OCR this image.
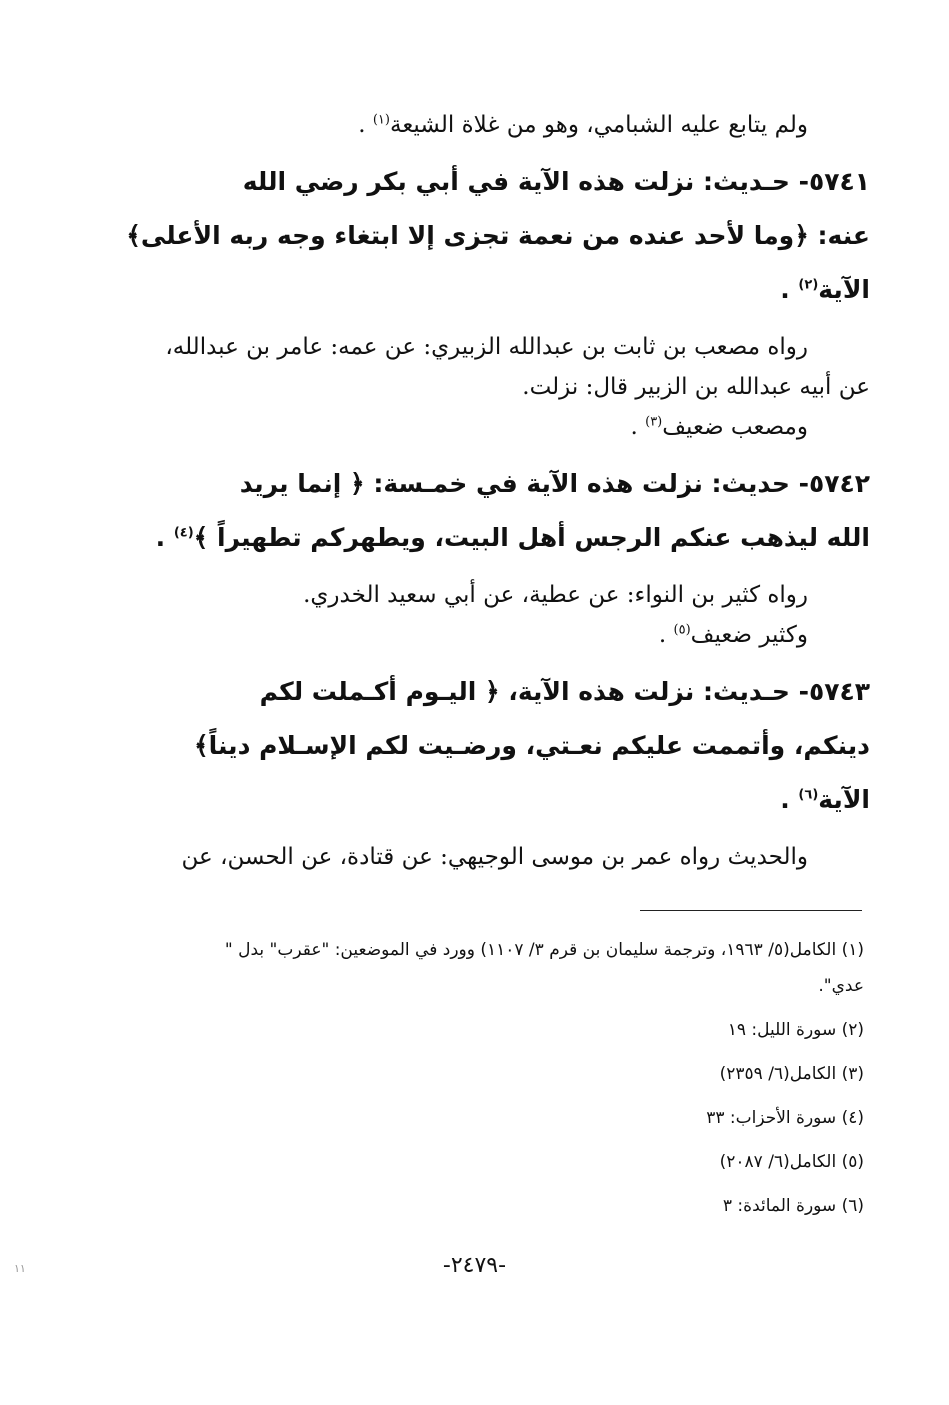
ولم يتابع عليه الشبامي، وهو من غلاة الشيعة$^{(١)}$ .

٥٧٤١- حـديث: نزلت هذه الآية في أبي بكر رضي الله

عنه: ﴿وما لأحد عنده من نعمة تجزى إلا ابتغاء وجه ربه الأعلى﴾

الآية$^{(٢)}$ .

رواه مصعب بن ثابت بن عبدالله الزبيري: عن عمه: عامر بن عبدالله،

عن أبيه عبدالله بن الزبير قال: نزلت.

ومصعب ضعيف$^{(٣)}$ .

٥٧٤٢- حديث: نزلت هذه الآية في خمـسة: ﴿ إنما يريد

الله ليذهب عنكم الرجس أهل البيت، ويطهركم تطهيراً ﴾$^{(٤)}$ .

رواه كثير بن النواء: عن عطية، عن أبي سعيد الخدري.

وكثير ضعيف$^{(٥)}$ .

٥٧٤٣- حـديث: نزلت هذه الآية، ﴿ اليـوم أكـملت لكم

دينكم، وأتممت عليكم نعـتي، ورضـيت لكم الإسـلام ديناً﴾

الآية$^{(٦)}$ .

والحديث رواه عمر بن موسى الوجيهي: عن قتادة، عن الحسن، عن

(١) الكامل(٥/ ١٩٦٣، وترجمة سليمان بن قرم ٣/ ١١٠٧) وورد في الموضعين: "عقرب" بدل "

عدي".

(٢) سورة الليل: ١٩

(٣) الكامل(٦/ ٢٣٥٩)

(٤) سورة الأحزاب: ٣٣

(٥) الكامل(٦/ ٢٠٨٧)

(٦) سورة المائدة: ٣

-٢٤٧٩-
١١
